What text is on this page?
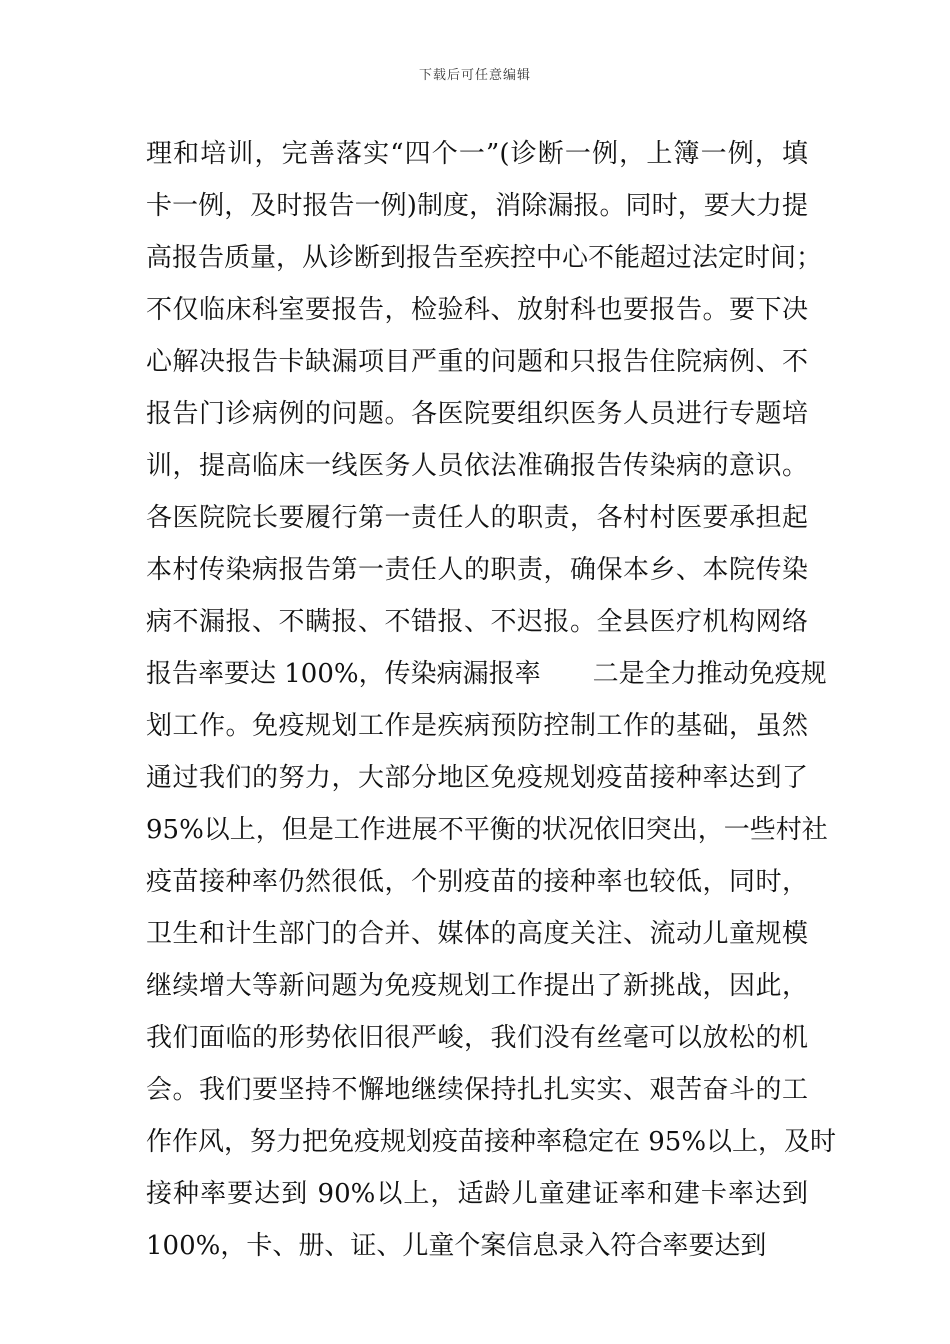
下载后可任意编辑
理和培训，完善落实“四个一”(诊断一例，上簿一例，填
卡一例，及时报告一例)制度，消除漏报。同时，要大力提
高报告质量，从诊断到报告至疾控中心不能超过法定时间；
不仅临床科室要报告，检验科、放射科也要报告。要下决
心解决报告卡缺漏项目严重的问题和只报告住院病例、不
报告门诊病例的问题。各医院要组织医务人员进行专题培
训，提高临床一线医务人员依法准确报告传染病的意识。
各医院院长要履行第一责任人的职责，各村村医要承担起
本村传染病报告第一责任人的职责，确保本乡、本院传染
病不漏报、不瞒报、不错报、不迟报。全县医疗机构网络
报告率要达 100%，传染病漏报率　　二是全力推动免疫规
划工作。免疫规划工作是疾病预防控制工作的基础，虽然
通过我们的努力，大部分地区免疫规划疫苗接种率达到了
95%以上，但是工作进展不平衡的状况依旧突出，一些村社
疫苗接种率仍然很低，个别疫苗的接种率也较低，同时，
卫生和计生部门的合并、媒体的高度关注、流动儿童规模
继续增大等新问题为免疫规划工作提出了新挑战，因此，
我们面临的形势依旧很严峻，我们没有丝毫可以放松的机
会。我们要坚持不懈地继续保持扎扎实实、艰苦奋斗的工
作作风，努力把免疫规划疫苗接种率稳定在 95%以上，及时
接种率要达到 90%以上，适龄儿童建证率和建卡率达到
100%，卡、册、证、儿童个案信息录入符合率要达到
